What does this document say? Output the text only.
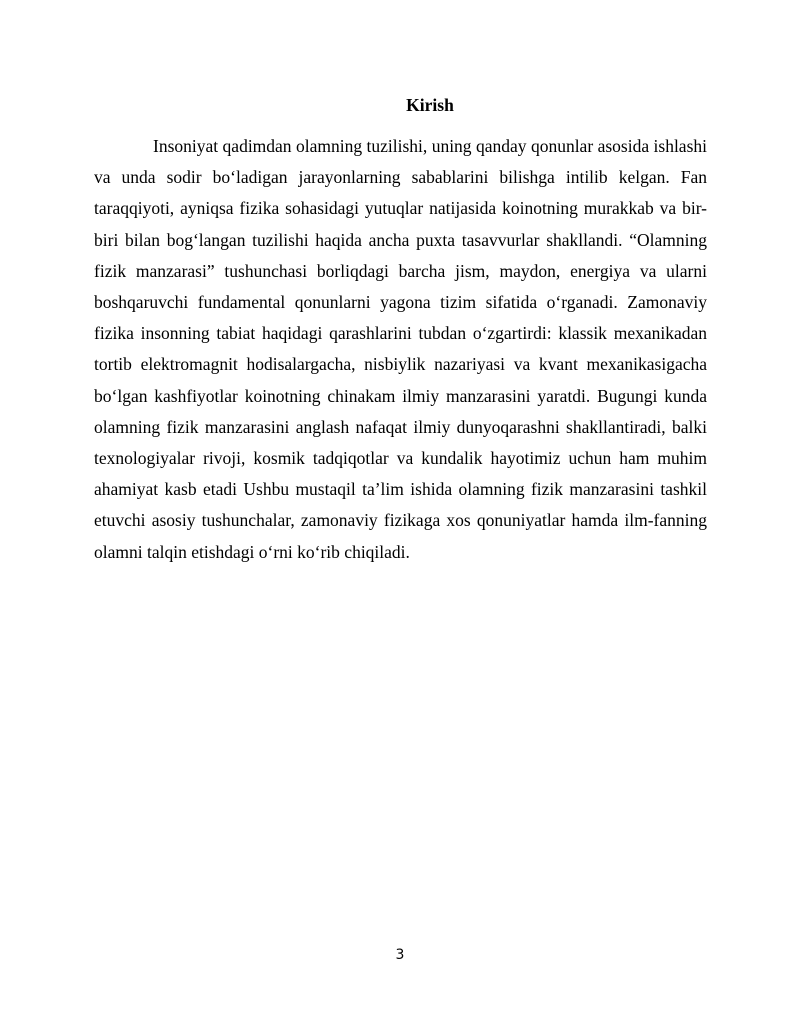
Kirish

Insoniyat qadimdan olamning tuzilishi, uning qanday qonunlar asosida ishlashi va unda sodir bo‘ladigan jarayonlarning sabablarini bilishga intilib kelgan. Fan taraqqiyoti, ayniqsa fizika sohasidagi yutuqlar natijasida koinotning murakkab va bir-biri bilan bog‘langan tuzilishi haqida ancha puxta tasavvurlar shakllandi. “Olamning fizik manzarasi” tushunchasi borliqdagi barcha jism, maydon, energiya va ularni boshqaruvchi fundamental qonunlarni yagona tizim sifatida o‘rganadi. Zamonaviy fizika insonning tabiat haqidagi qarashlarini tubdan o‘zgartirdi: klassik mexanikadan tortib elektromagnit hodisalargacha, nisbiylik nazariyasi va kvant mexanikasigacha bo‘lgan kashfiyotlar koinotning chinakam ilmiy manzarasini yaratdi. Bugungi kunda olamning fizik manzarasini anglash nafaqat ilmiy dunyoqarashni shakllantiradi, balki texnologiyalar rivoji, kosmik tadqiqotlar va kundalik hayotimiz uchun ham muhim ahamiyat kasb etadi Ushbu mustaqil ta’lim ishida olamning fizik manzarasini tashkil etuvchi asosiy tushunchalar, zamonaviy fizikaga xos qonuniyatlar hamda ilm-fanning olamni talqin etishdagi o‘rni ko‘rib chiqiladi.

3
